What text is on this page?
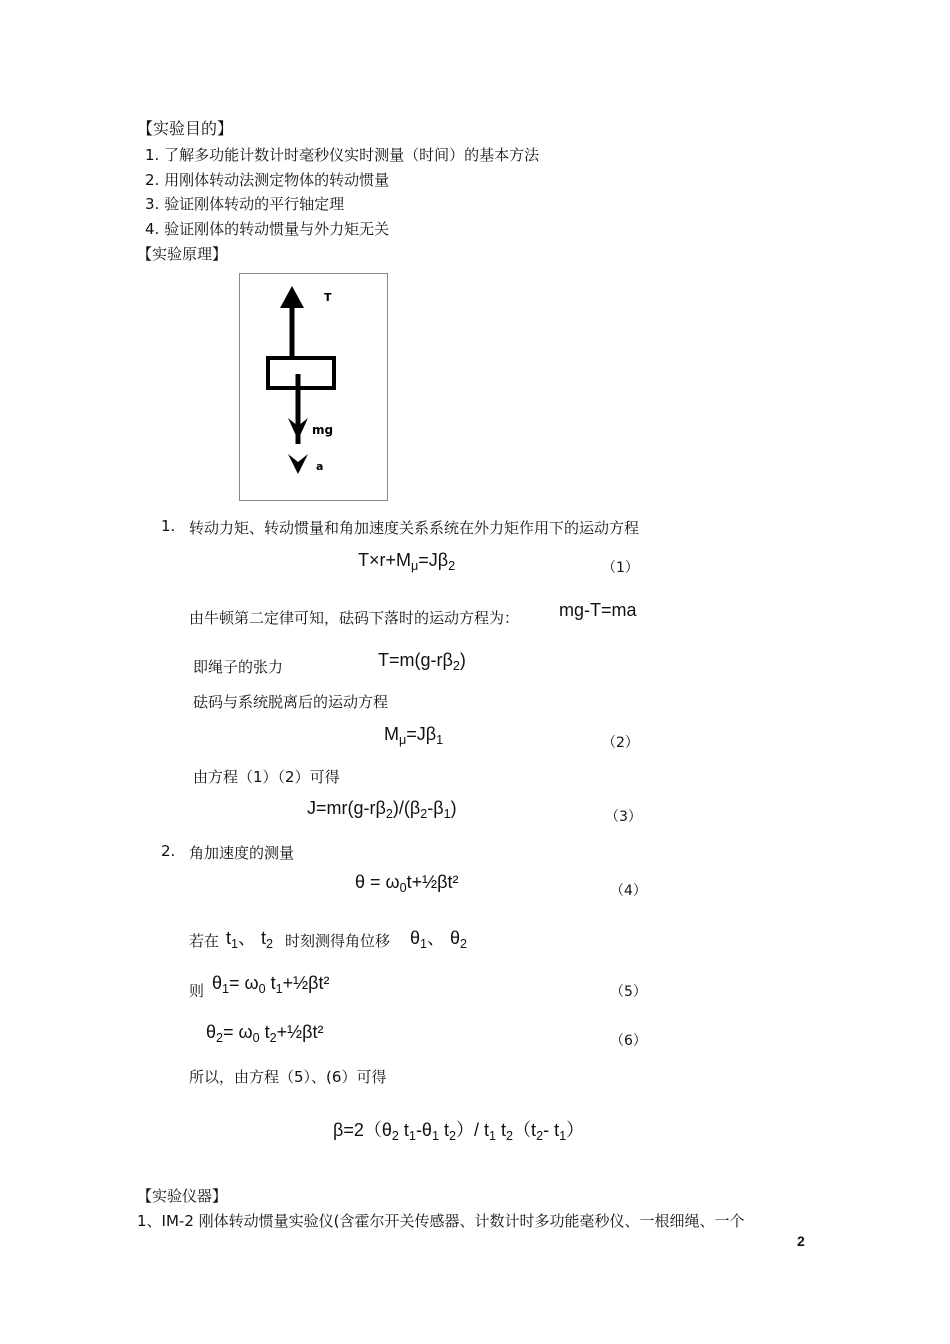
【实验目的】
1. 了解多功能计数计时毫秒仪实时测量（时间）的基本方法
2. 用刚体转动法测定物体的转动惯量
3. 验证刚体转动的平行轴定理
4. 验证刚体的转动惯量与外力矩无关
【实验原理】
T
mg
a
1. 转动力矩、转动惯量和角加速度关系系统在外力矩作用下的运动方程
$T\times r+M_\mu=J\beta_2$	（1）
由牛顿第二定律可知，砝码下落时的运动方程为： mg-T=ma
即绳子的张力	$T=m(g-r\beta_2)$
砝码与系统脱离后的运动方程
$M_\mu=J\beta_1$	（2）
由方程（1）（2）可得
$J=mr(g-r\beta_2)/(\beta_2-\beta_1)$	（3）
2. 角加速度的测量
$\theta = \omega_0t+\frac{1}{2}\beta t^2$	（4）
若在 $t_1$、 $t_2$ 时刻测得角位移 $\theta_1$、 $\theta_2$
则 $\theta_1= \omega_0$ $t_1+\frac{1}{2}\beta t^2$	（5）
$\theta_2= \omega_0$ $t_2+\frac{1}{2}\beta t^2$	（6）
所以，由方程（5）、(6）可得
$\beta=2(\theta_2$ $t_1-\theta_1$ $t_2)/$ $t_1$ $t_2(t_2-$ $t_1$）
【实验仪器】
1、IM-2 刚体转动惯量实验仪(含霍尔开关传感器、计数计时多功能毫秒仪、一根细绳、一个
2
